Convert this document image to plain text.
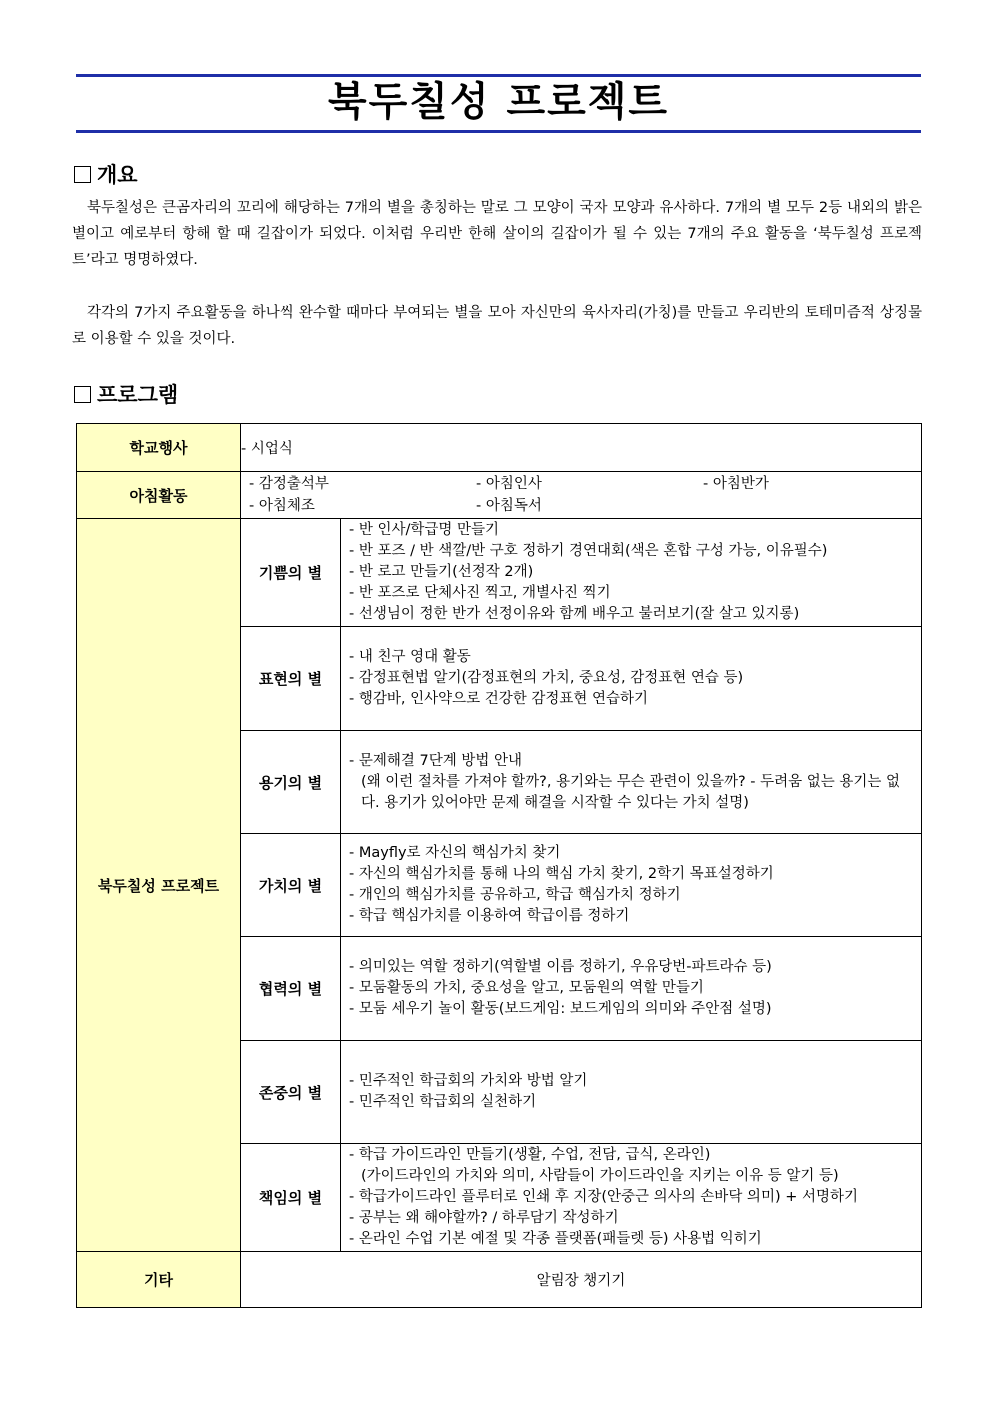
북두칠성 프로젝트
개요
북두칠성은 큰곰자리의 꼬리에 해당하는 7개의 별을 총칭하는 말로 그 모양이 국자 모양과 유사하다. 7개의 별 모두 2등 내외의 밝은 별이고 예로부터 항해 할 때 길잡이가 되었다. 이처럼 우리반 한해 살이의 길잡이가 될 수 있는 7개의 주요 활동을 ‘북두칠성 프로젝트’라고 명명하였다.
각각의 7가지 주요활동을 하나씩 완수할 때마다 부여되는 별을 모아 자신만의 육사자리(가칭)를 만들고 우리반의 토테미즘적 상징물로 이용할 수 있을 것이다.
프로그램
학교행사	- 시업식	
아침활동	- 감정출석부 - 아침인사 - 아침반가
- 아침체조 - 아침독서	

북두칠성 프로젝트	기쁨의 별	- 반 인사/학급명 만들기
- 반 포즈 / 반 색깔/반 구호 정하기 경연대회(색은 혼합 구성 가능, 이유필수)
- 반 로고 만들기(선정작 2개)
- 반 포즈로 단체사진 찍고, 개별사진 찍기
- 선생님이 정한 반가 선정이유와 함께 배우고 불러보기(잘 살고 있지롱)

	표현의 별	- 내 친구 영대 활동
- 감정표현법 알기(감정표현의 가치, 중요성, 감정표현 연습 등)
- 행감바, 인사약으로 건강한 감정표현 연습하기

	용기의 별	- 문제해결 7단계 방법 안내
(왜 이런 절차를 가져야 할까?, 용기와는 무슨 관련이 있을까? - 두려움 없는 용기는 없다. 용기가 있어야만 문제 해결을 시작할 수 있다는 가치 설명)

	가치의 별	- Mayfly로 자신의 핵심가치 찾기
- 자신의 핵심가치를 통해 나의 핵심 가치 찾기, 2학기 목표설정하기
- 개인의 핵심가치를 공유하고, 학급 핵심가치 정하기
- 학급 핵심가치를 이용하여 학급이름 정하기

	협력의 별	- 의미있는 역할 정하기(역할별 이름 정하기, 우유당번-파트라슈 등)
- 모둠활동의 가치, 중요성을 알고, 모둠원의 역할 만들기
- 모둠 세우기 놀이 활동(보드게임: 보드게임의 의미와 주안점 설명)

	존중의 별	- 민주적인 학급회의 가치와 방법 알기
- 민주적인 학급회의 실천하기

	책임의 별	- 학급 가이드라인 만들기(생활, 수업, 전담, 급식, 온라인)
(가이드라인의 가치와 의미, 사람들이 가이드라인을 지키는 이유 등 알기 등)
- 학급가이드라인 플루터로 인쇄 후 지장(안중근 의사의 손바닥 의미) + 서명하기
- 공부는 왜 해야할까? / 하루담기 작성하기
- 온라인 수업 기본 예절 및 각종 플랫폼(패들렛 등) 사용법 익히기

기타	알림장 챙기기	
